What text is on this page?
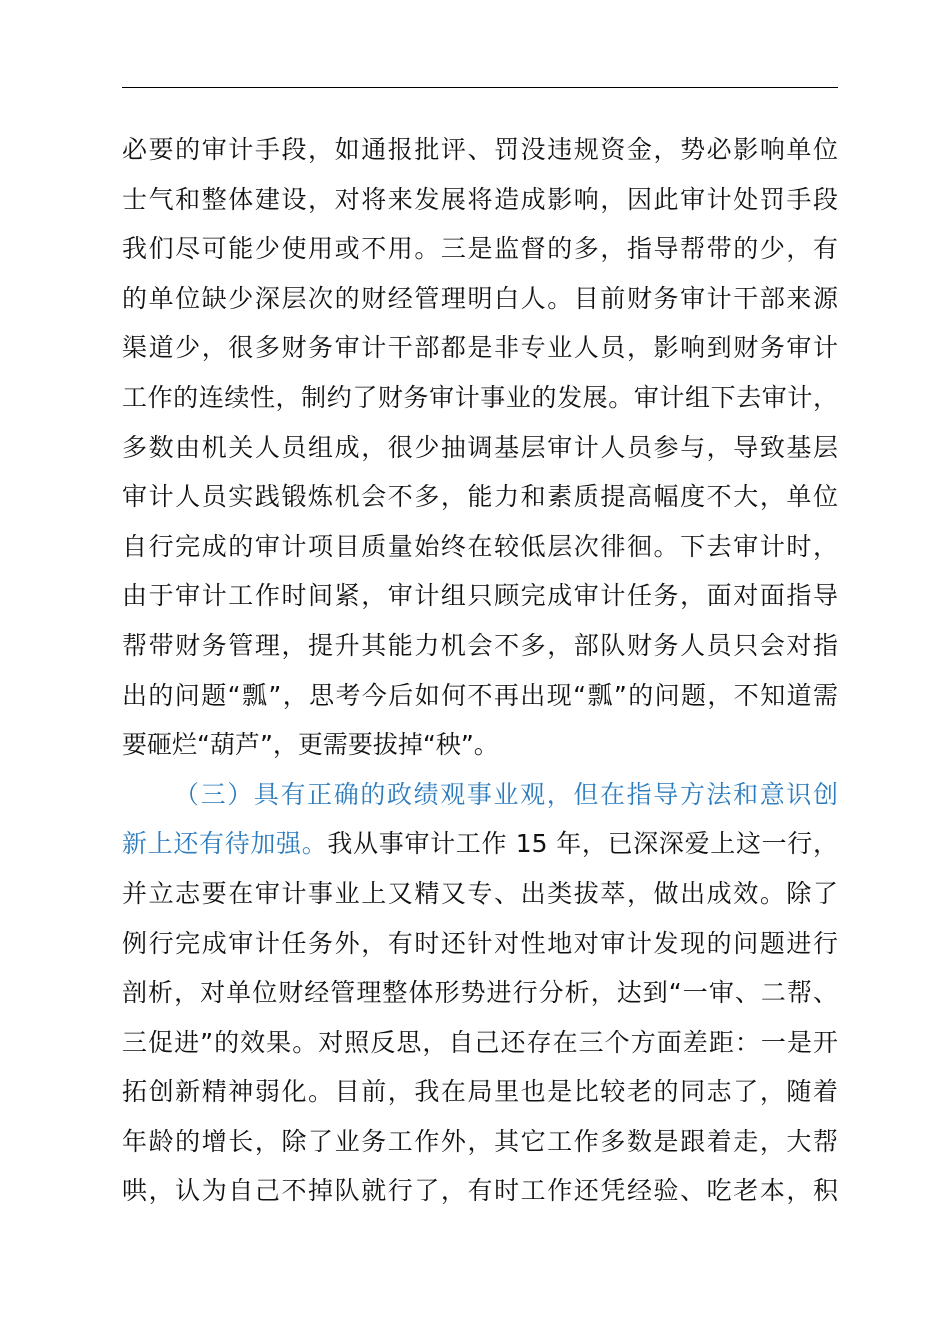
必要的审计手段，如通报批评、罚没违规资金，势必影响单位
士气和整体建设，对将来发展将造成影响，因此审计处罚手段
我们尽可能少使用或不用。三是监督的多，指导帮带的少，有
的单位缺少深层次的财经管理明白人。目前财务审计干部来源
渠道少，很多财务审计干部都是非专业人员，影响到财务审计
工作的连续性，制约了财务审计事业的发展。审计组下去审计，
多数由机关人员组成，很少抽调基层审计人员参与，导致基层
审计人员实践锻炼机会不多，能力和素质提高幅度不大，单位
自行完成的审计项目质量始终在较低层次徘徊。下去审计时，
由于审计工作时间紧，审计组只顾完成审计任务，面对面指导
帮带财务管理，提升其能力机会不多，部队财务人员只会对指
出的问题“瓢”，思考今后如何不再出现“瓢”的问题，不知道需
要砸烂“葫芦”，更需要拔掉“秧”。
（三）具有正确的政绩观事业观，但在指导方法和意识创
新上还有待加强。我从事审计工作 15 年，已深深爱上这一行，
并立志要在审计事业上又精又专、出类拔萃，做出成效。除了
例行完成审计任务外，有时还针对性地对审计发现的问题进行
剖析，对单位财经管理整体形势进行分析，达到“一审、二帮、
三促进”的效果。对照反思，自己还存在三个方面差距：一是开
拓创新精神弱化。目前，我在局里也是比较老的同志了，随着
年龄的增长，除了业务工作外，其它工作多数是跟着走，大帮
哄，认为自己不掉队就行了，有时工作还凭经验、吃老本，积
